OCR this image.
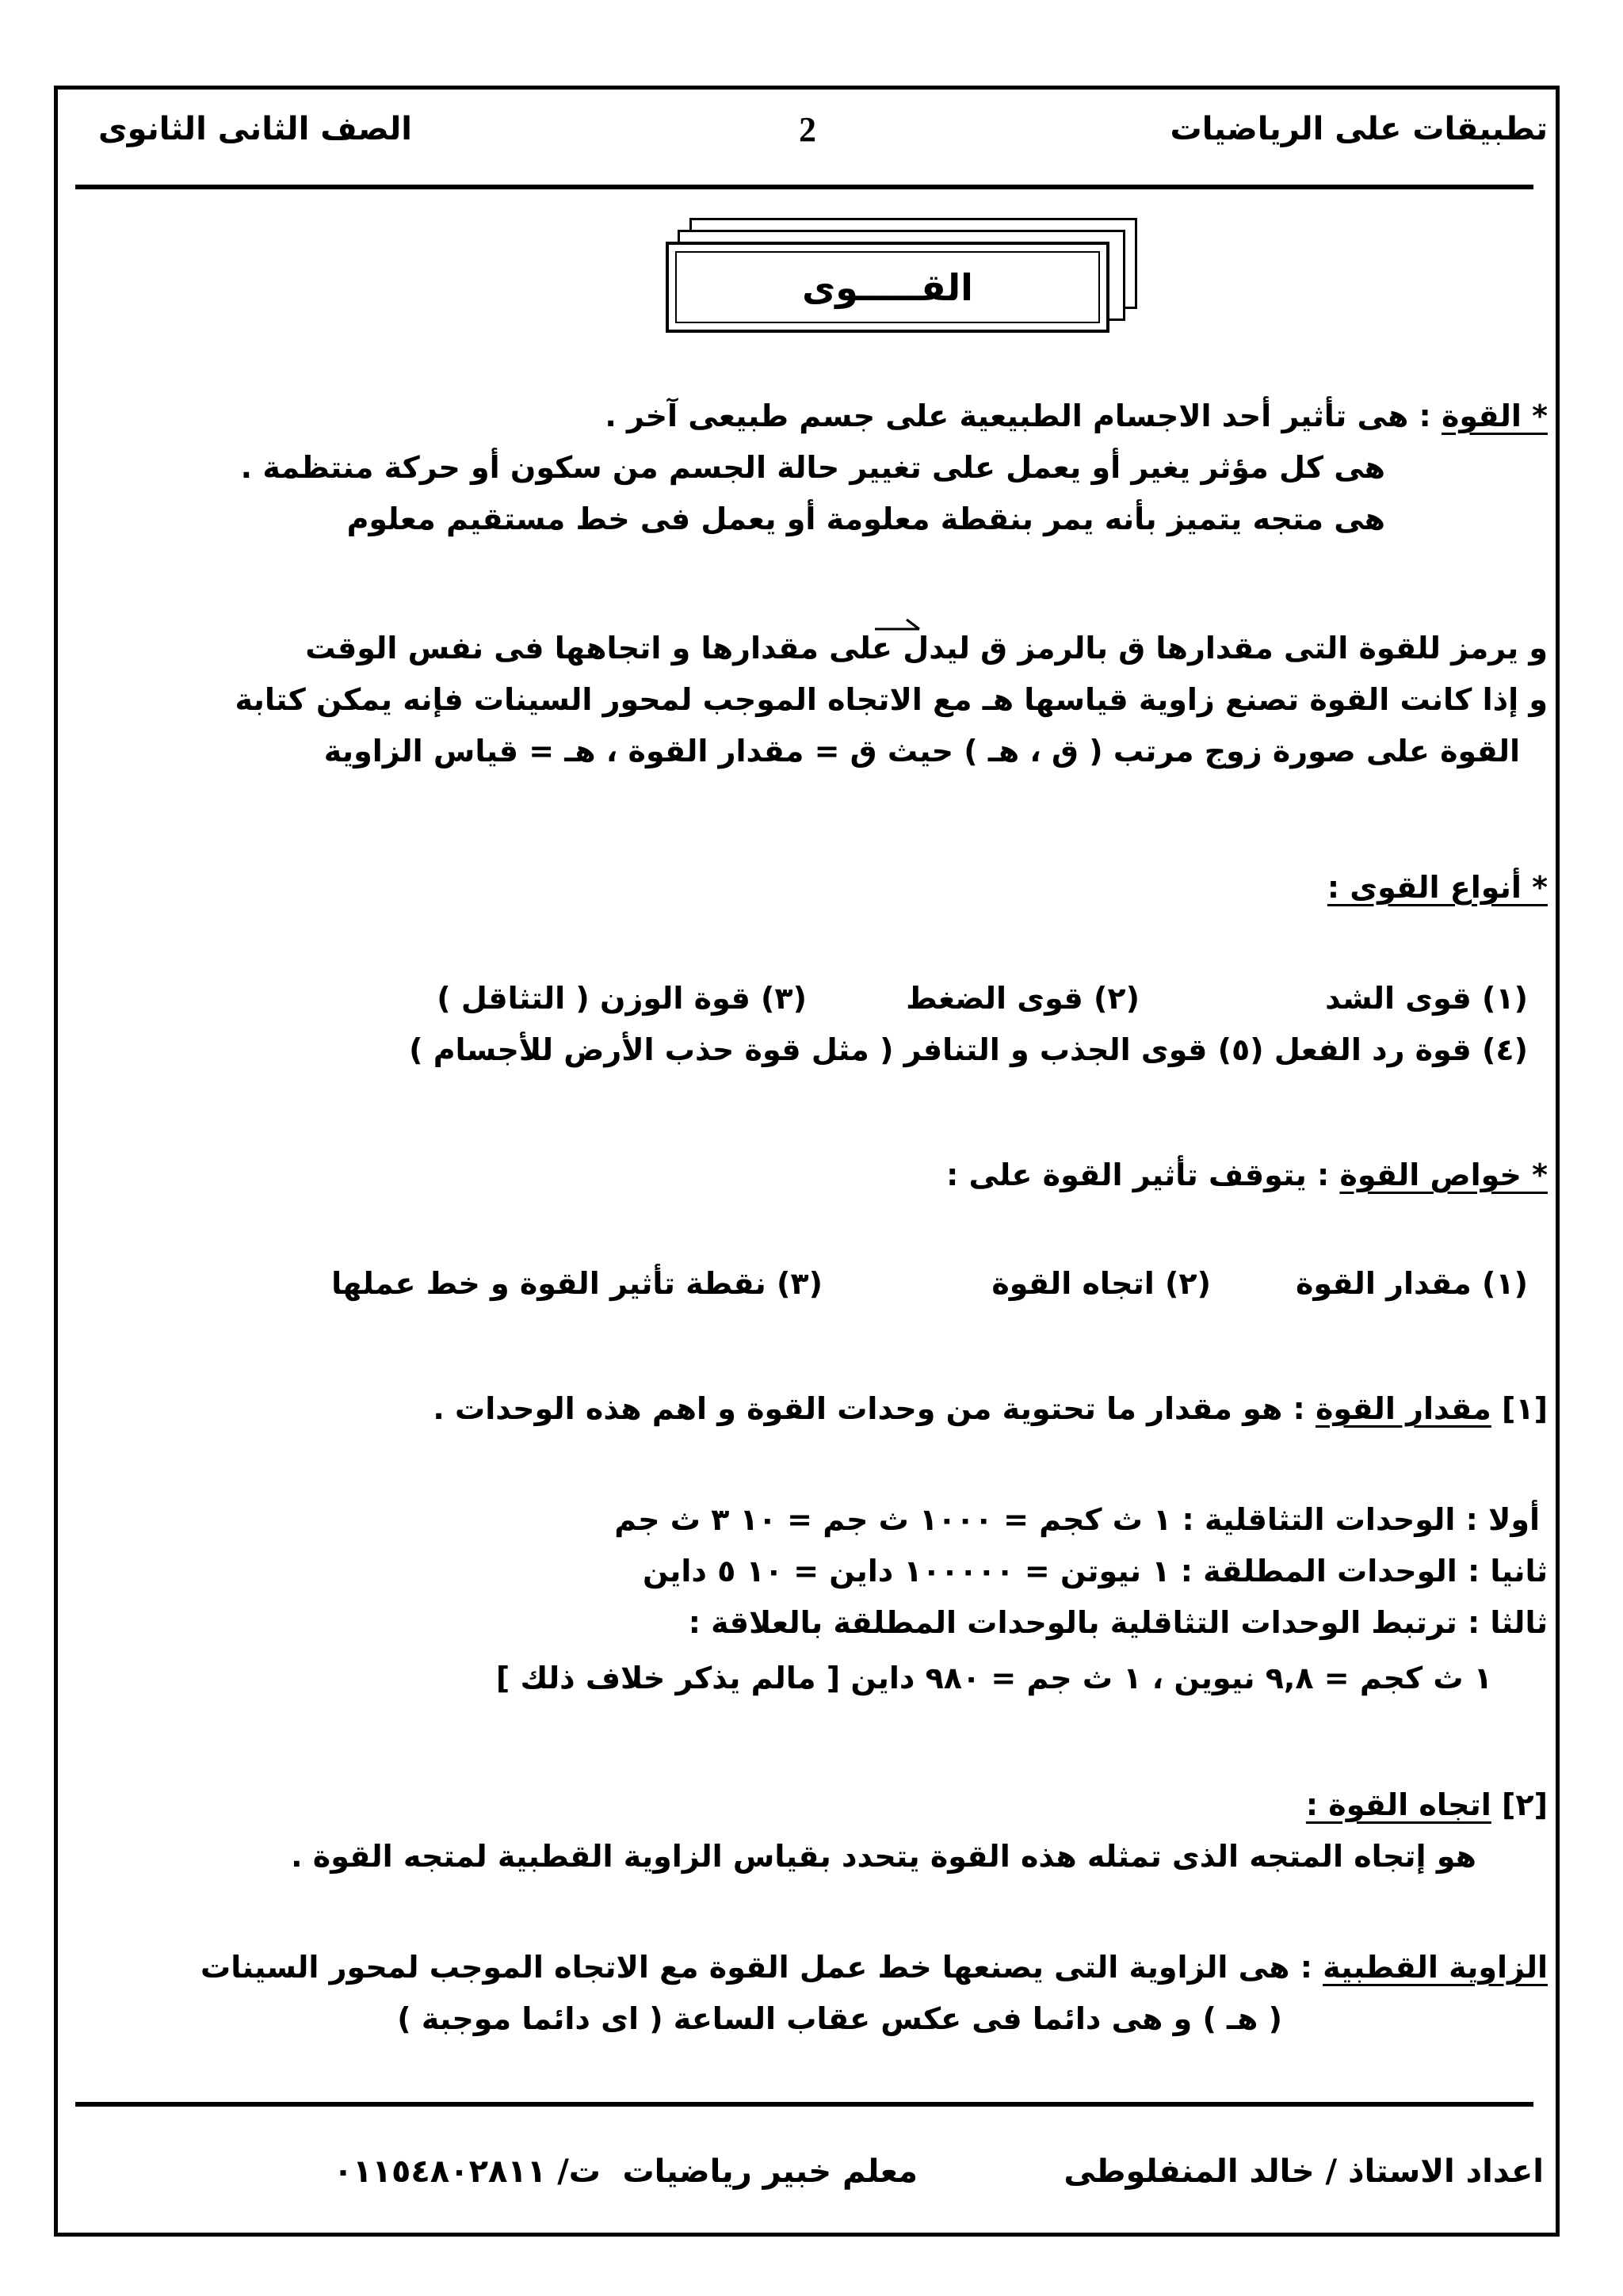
تطبيقات على الرياضيات
2
الصف الثانى الثانوى
القـــــوى
* القوة : هى تأثير أحد الاجسام الطبيعية على جسم طبيعى آخر .
هى كل مؤثر يغير أو يعمل على تغيير حالة الجسم من سكون أو حركة منتظمة .
هى متجه يتميز بأنه يمر بنقطة معلومة أو يعمل فى خط مستقيم معلوم
و يرمز للقوة التى مقدارها ق بالرمز ق ليدل على مقدارها و اتجاهها فى نفس الوقت
و إذا كانت القوة تصنع زاوية قياسها هـ مع الاتجاه الموجب لمحور السينات فإنه يمكن كتابة
القوة على صورة زوج مرتب ( ق ، هـ ) حيث ق = مقدار القوة ، هـ = قياس الزاوية
* أنواع القوى :
(١) قوى الشد
(٢) قوى الضغط
(٣) قوة الوزن ( التثاقل )
(٤) قوة رد الفعل (٥) قوى الجذب و التنافر ( مثل قوة حذب الأرض للأجسام )
* خواص القوة : يتوقف تأثير القوة على :
(١) مقدار القوة
(٢) اتجاه القوة
(٣) نقطة تأثير القوة و خط عملها
[١] مقدار القوة : هو مقدار ما تحتوية من وحدات القوة و اهم هذه الوحدات .
أولا : الوحدات التثاقلية : ١ ث كجم = ١٠٠٠ ث جم = ١٠ ٣ ث جم
ثانيا : الوحدات المطلقة : ١ نيوتن = ١٠٠٠٠٠ داين = ١٠ ٥ داين
ثالثا : ترتبط الوحدات التثاقلية بالوحدات المطلقة بالعلاقة :
١ ث كجم = ٩,٨ نيوين ، ١ ث جم = ٩٨٠ داين [ مالم يذكر خلاف ذلك ]
[٢] اتجاه القوة :
هو إتجاه المتجه الذى تمثله هذه القوة يتحدد بقياس الزاوية القطبية لمتجه القوة .
الزاوية القطبية : هى الزاوية التى يصنعها خط عمل القوة مع الاتجاه الموجب لمحور السينات
( هـ ) و هى دائما فى عكس عقاب الساعة ( اى دائما موجبة )
اعداد الاستاذ / خالد المنفلوطى
معلم خبير رياضيات
ت/ ٠١١٥٤٨٠٢٨١١
